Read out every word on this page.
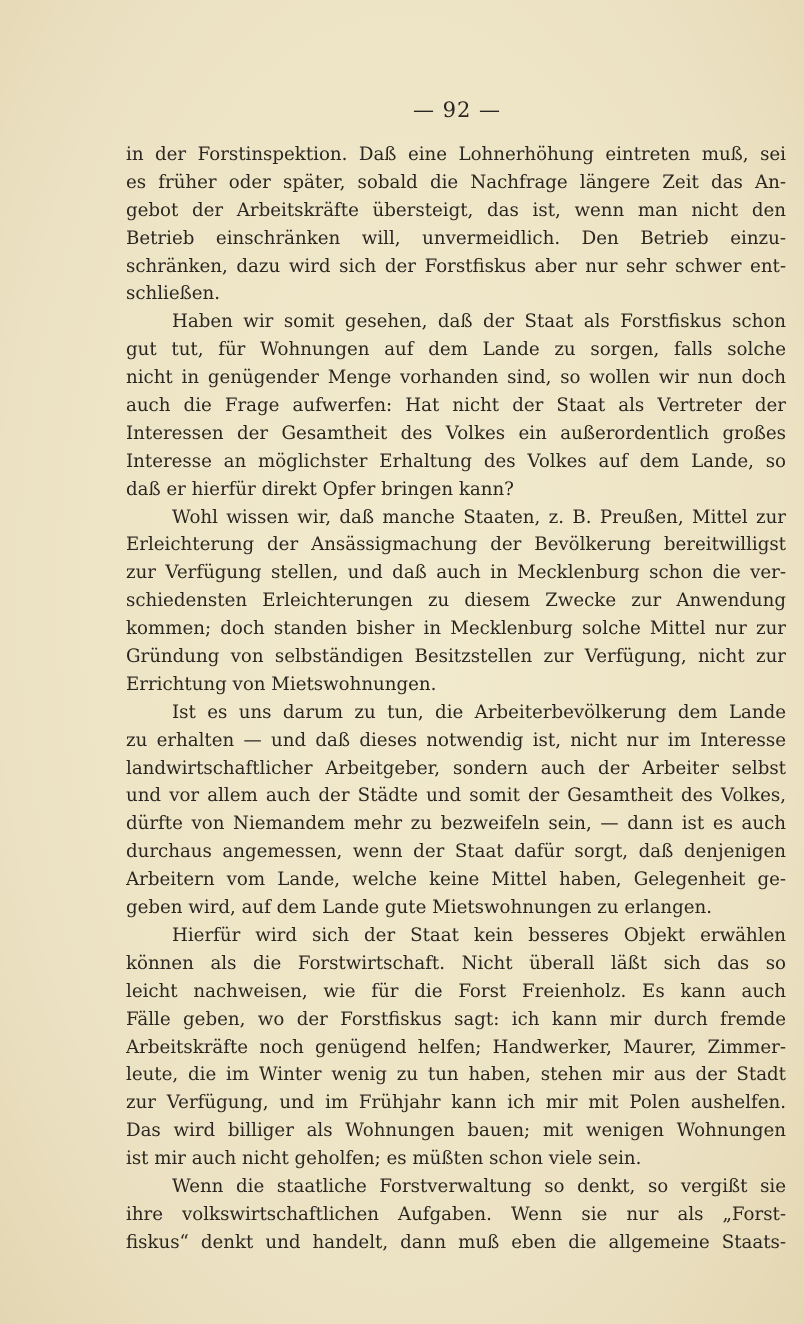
— 92 —
in der Forstinspektion. Daß eine Lohnerhöhung eintreten muß, sei
es früher oder später, sobald die Nachfrage längere Zeit das An-
gebot der Arbeitskräfte übersteigt, das ist, wenn man nicht den
Betrieb einschränken will, unvermeidlich. Den Betrieb einzu-
schränken, dazu wird sich der Forstfiskus aber nur sehr schwer ent-
schließen.
Haben wir somit gesehen, daß der Staat als Forstfiskus schon
gut tut, für Wohnungen auf dem Lande zu sorgen, falls solche
nicht in genügender Menge vorhanden sind, so wollen wir nun doch
auch die Frage aufwerfen: Hat nicht der Staat als Vertreter der
Interessen der Gesamtheit des Volkes ein außerordentlich großes
Interesse an möglichster Erhaltung des Volkes auf dem Lande, so
daß er hierfür direkt Opfer bringen kann?
Wohl wissen wir, daß manche Staaten, z. B. Preußen, Mittel zur
Erleichterung der Ansässigmachung der Bevölkerung bereitwilligst
zur Verfügung stellen, und daß auch in Mecklenburg schon die ver-
schiedensten Erleichterungen zu diesem Zwecke zur Anwendung
kommen; doch standen bisher in Mecklenburg solche Mittel nur zur
Gründung von selbständigen Besitzstellen zur Verfügung, nicht zur
Errichtung von Mietswohnungen.
Ist es uns darum zu tun, die Arbeiterbevölkerung dem Lande
zu erhalten — und daß dieses notwendig ist, nicht nur im Interesse
landwirtschaftlicher Arbeitgeber, sondern auch der Arbeiter selbst
und vor allem auch der Städte und somit der Gesamtheit des Volkes,
dürfte von Niemandem mehr zu bezweifeln sein, — dann ist es auch
durchaus angemessen, wenn der Staat dafür sorgt, daß denjenigen
Arbeitern vom Lande, welche keine Mittel haben, Gelegenheit ge-
geben wird, auf dem Lande gute Mietswohnungen zu erlangen.
Hierfür wird sich der Staat kein besseres Objekt erwählen
können als die Forstwirtschaft. Nicht überall läßt sich das so
leicht nachweisen, wie für die Forst Freienholz. Es kann auch
Fälle geben, wo der Forstfiskus sagt: ich kann mir durch fremde
Arbeitskräfte noch genügend helfen; Handwerker, Maurer, Zimmer-
leute, die im Winter wenig zu tun haben, stehen mir aus der Stadt
zur Verfügung, und im Frühjahr kann ich mir mit Polen aushelfen.
Das wird billiger als Wohnungen bauen; mit wenigen Wohnungen
ist mir auch nicht geholfen; es müßten schon viele sein.
Wenn die staatliche Forstverwaltung so denkt, so vergißt sie
ihre volkswirtschaftlichen Aufgaben. Wenn sie nur als „Forst-
fiskus“ denkt und handelt, dann muß eben die allgemeine Staats-
